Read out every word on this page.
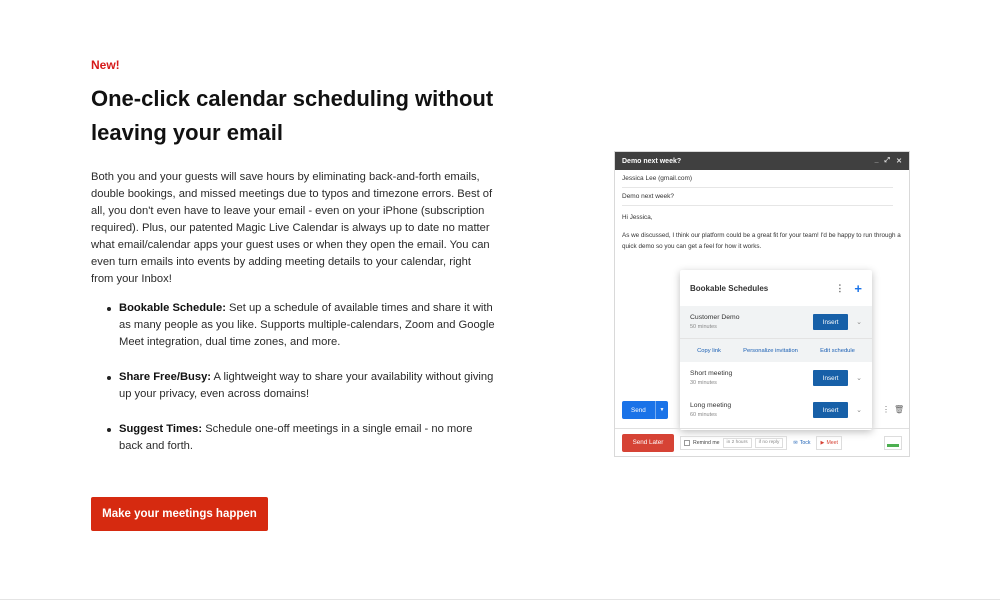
New!
One-click calendar scheduling without leaving your email

Both you and your guests will save hours by eliminating back-and-forth emails, double bookings, and missed meetings due to typos and timezone errors. Best of all, you don't even have to leave your email - even on your iPhone (subscription required). Plus, our patented Magic Live Calendar is always up to date no matter what email/calendar apps your guest uses or when they open the email. You can even turn emails into events by adding meeting details to your calendar, right from your Inbox!

Bookable Schedule: Set up a schedule of available times and share it with as many people as you like. Supports multiple-calendars, Zoom and Google Meet integration, dual time zones, and more.
Share Free/Busy: A lightweight way to share your availability without giving up your privacy, even across domains!
Suggest Times: Schedule one-off meetings in a single email - no more back and forth.
Make your meetings happen
Demo next week?	_ ⤢ ✕
Jessica Lee (gmail.com)
Demo next week?

Hi Jessica,

As we discussed, I think our platform could be a great fit for your team! I'd be happy to run through a quick demo so you can get a feel for how it works.

Send	▼	⋮ 🗑
Bookable Schedules	⋮ +
Customer Demo
50 minutes
Insert	⌄
Copy link	Personalize invitation	Edit schedule
Short meeting
30 minutes
Insert	⌄
Long meeting
60 minutes
Insert	⌄
Send Later	Remind me	in 2 hours	if no reply	✉ Tock ▶ Meet
